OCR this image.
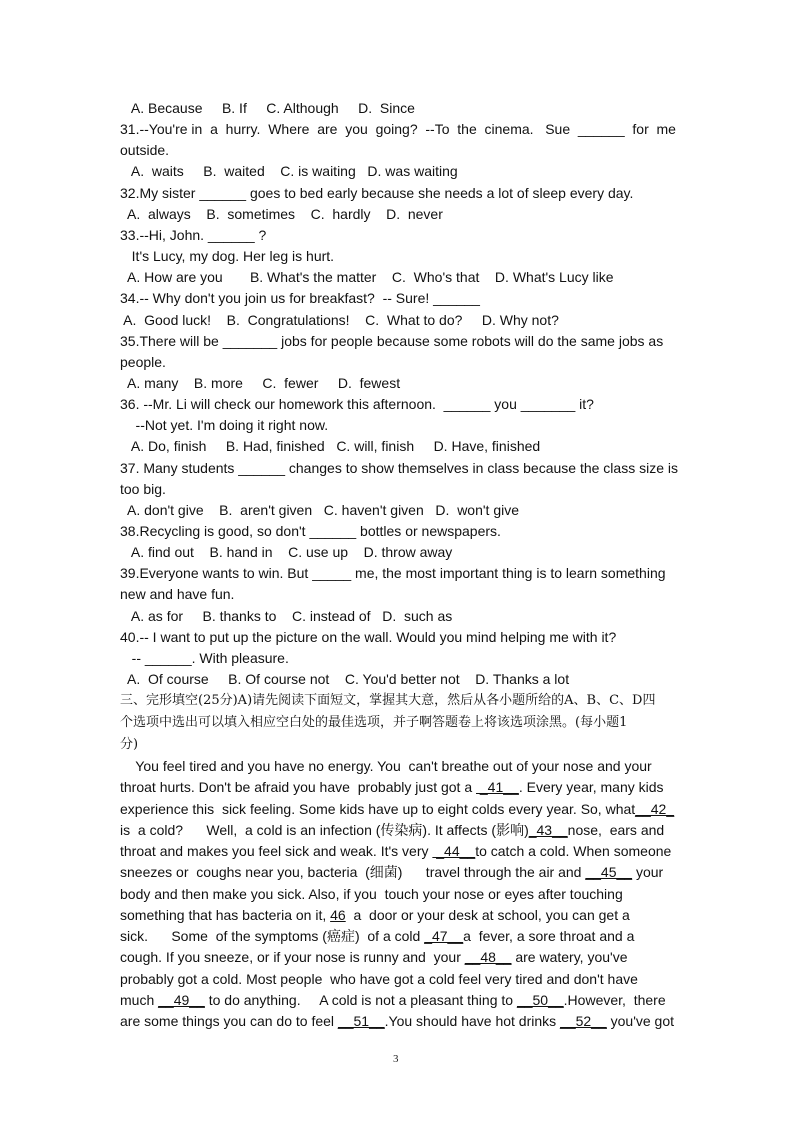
A. Because     B. If     C. Although     D.  Since
31.--You're in  a  hurry.  Where  are  you  going?  --To  the  cinema.   Sue  ______  for  me
outside.
A.  waits     B.  waited    C. is waiting   D. was waiting
32.My sister ______ goes to bed early because she needs a lot of sleep every day.
A.  always    B.  sometimes    C.  hardly    D.  never
33.--Hi, John. ______ ?
It's Lucy, my dog. Her leg is hurt.
A. How are you       B. What's the matter    C.  Who's that    D. What's Lucy like
34.-- Why don't you join us for breakfast?  -- Sure! ______
A.  Good luck!    B.  Congratulations!    C.  What to do?     D. Why not?
35.There will be _______ jobs for people because some robots will do the same jobs as
people.
A. many    B. more     C.  fewer     D.  fewest
36. --Mr. Li will check our homework this afternoon.  ______ you _______ it?
--Not yet. I'm doing it right now.
A. Do, finish     B. Had, finished   C. will, finish     D. Have, finished
37. Many students ______ changes to show themselves in class because the class size is
too big.
A. don't give    B.  aren't given   C. haven't given   D.  won't give
38.Recycling is good, so don't ______ bottles or newspapers.
A. find out    B. hand in    C. use up    D. throw away
39.Everyone wants to win. But _____ me, the most important thing is to learn something
new and have fun.
A. as for     B. thanks to    C. instead of   D.  such as
40.-- I want to put up the picture on the wall. Would you mind helping me with it?
-- ______. With pleasure.
A.  Of course     B. Of course not    C. You'd better not    D. Thanks a lot
三、完形填空(25分)A)请先阅读下面短文，掌握其大意，然后从各小题所给的A、B、C、D四
个选项中选出可以填入相应空白处的最佳选项，并子啊答题卷上将该选项涂黑。(每小题1
分)
You feel tired and you have no energy. You  can't breathe out of your nose and your
throat hurts. Don't be afraid you have  probably just got a  _41__. Every year, many kids
experience this  sick feeling. Some kids have up to eight colds every year. So, what__42_
is  a cold?      Well,  a cold is an infection (传染病). It affects (影响)_43__nose,  ears and
throat and makes you feel sick and weak. It's very  _44__to catch a cold. When someone
sneezes or  coughs near you, bacteria  (细菌)      travel through the air and __45__ your
body and then make you sick. Also, if you  touch your nose or eyes after touching
something that has bacteria on it, 46  a  door or your desk at school, you can get a
sick.      Some  of the symptoms (癌症)  of a cold _47__a  fever, a sore throat and a
cough. If you sneeze, or if your nose is runny and  your __48__ are watery, you've
probably got a cold. Most people  who have got a cold feel very tired and don't have
much __49__ to do anything.     A cold is not a pleasant thing to __50__.However,  there
are some things you can do to feel __51__.You should have hot drinks __52__ you've got
3
